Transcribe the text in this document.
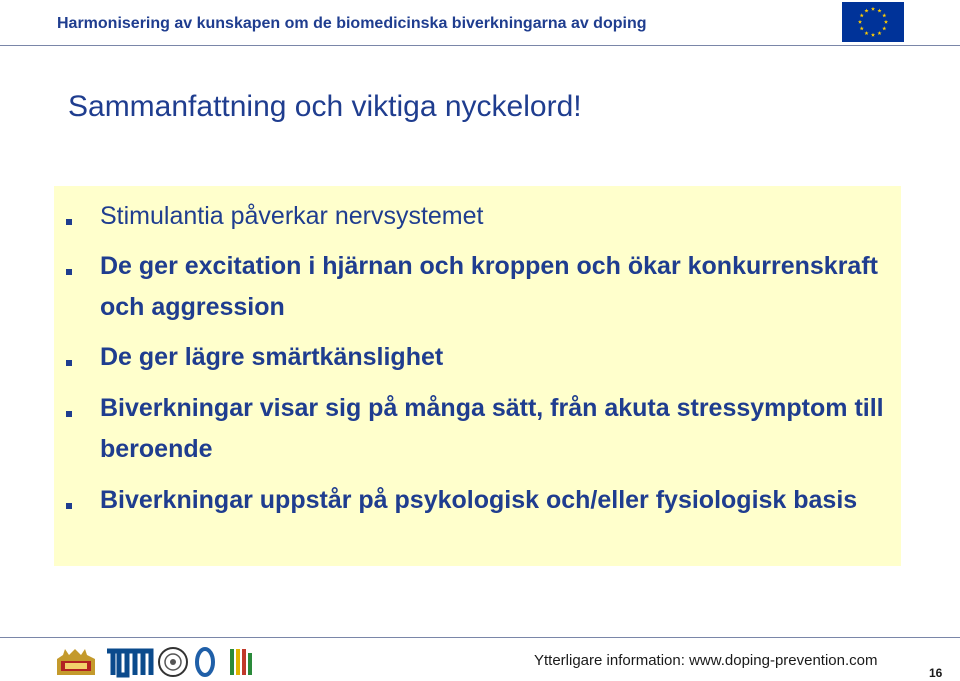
Harmonisering av kunskapen om de biomedicinska biverkningarna av doping
Sammanfattning och viktiga nyckelord!
Stimulantia påverkar nervsystemet
De ger excitation i hjärnan och kroppen och ökar konkurrenskraft och aggression
De ger lägre smärtkänslighet
Biverkningar visar sig på många sätt, från akuta stressymptom till beroende
Biverkningar uppstår på psykologisk och/eller fysiologisk basis
Ytterligare information: www.doping-prevention.com
16
